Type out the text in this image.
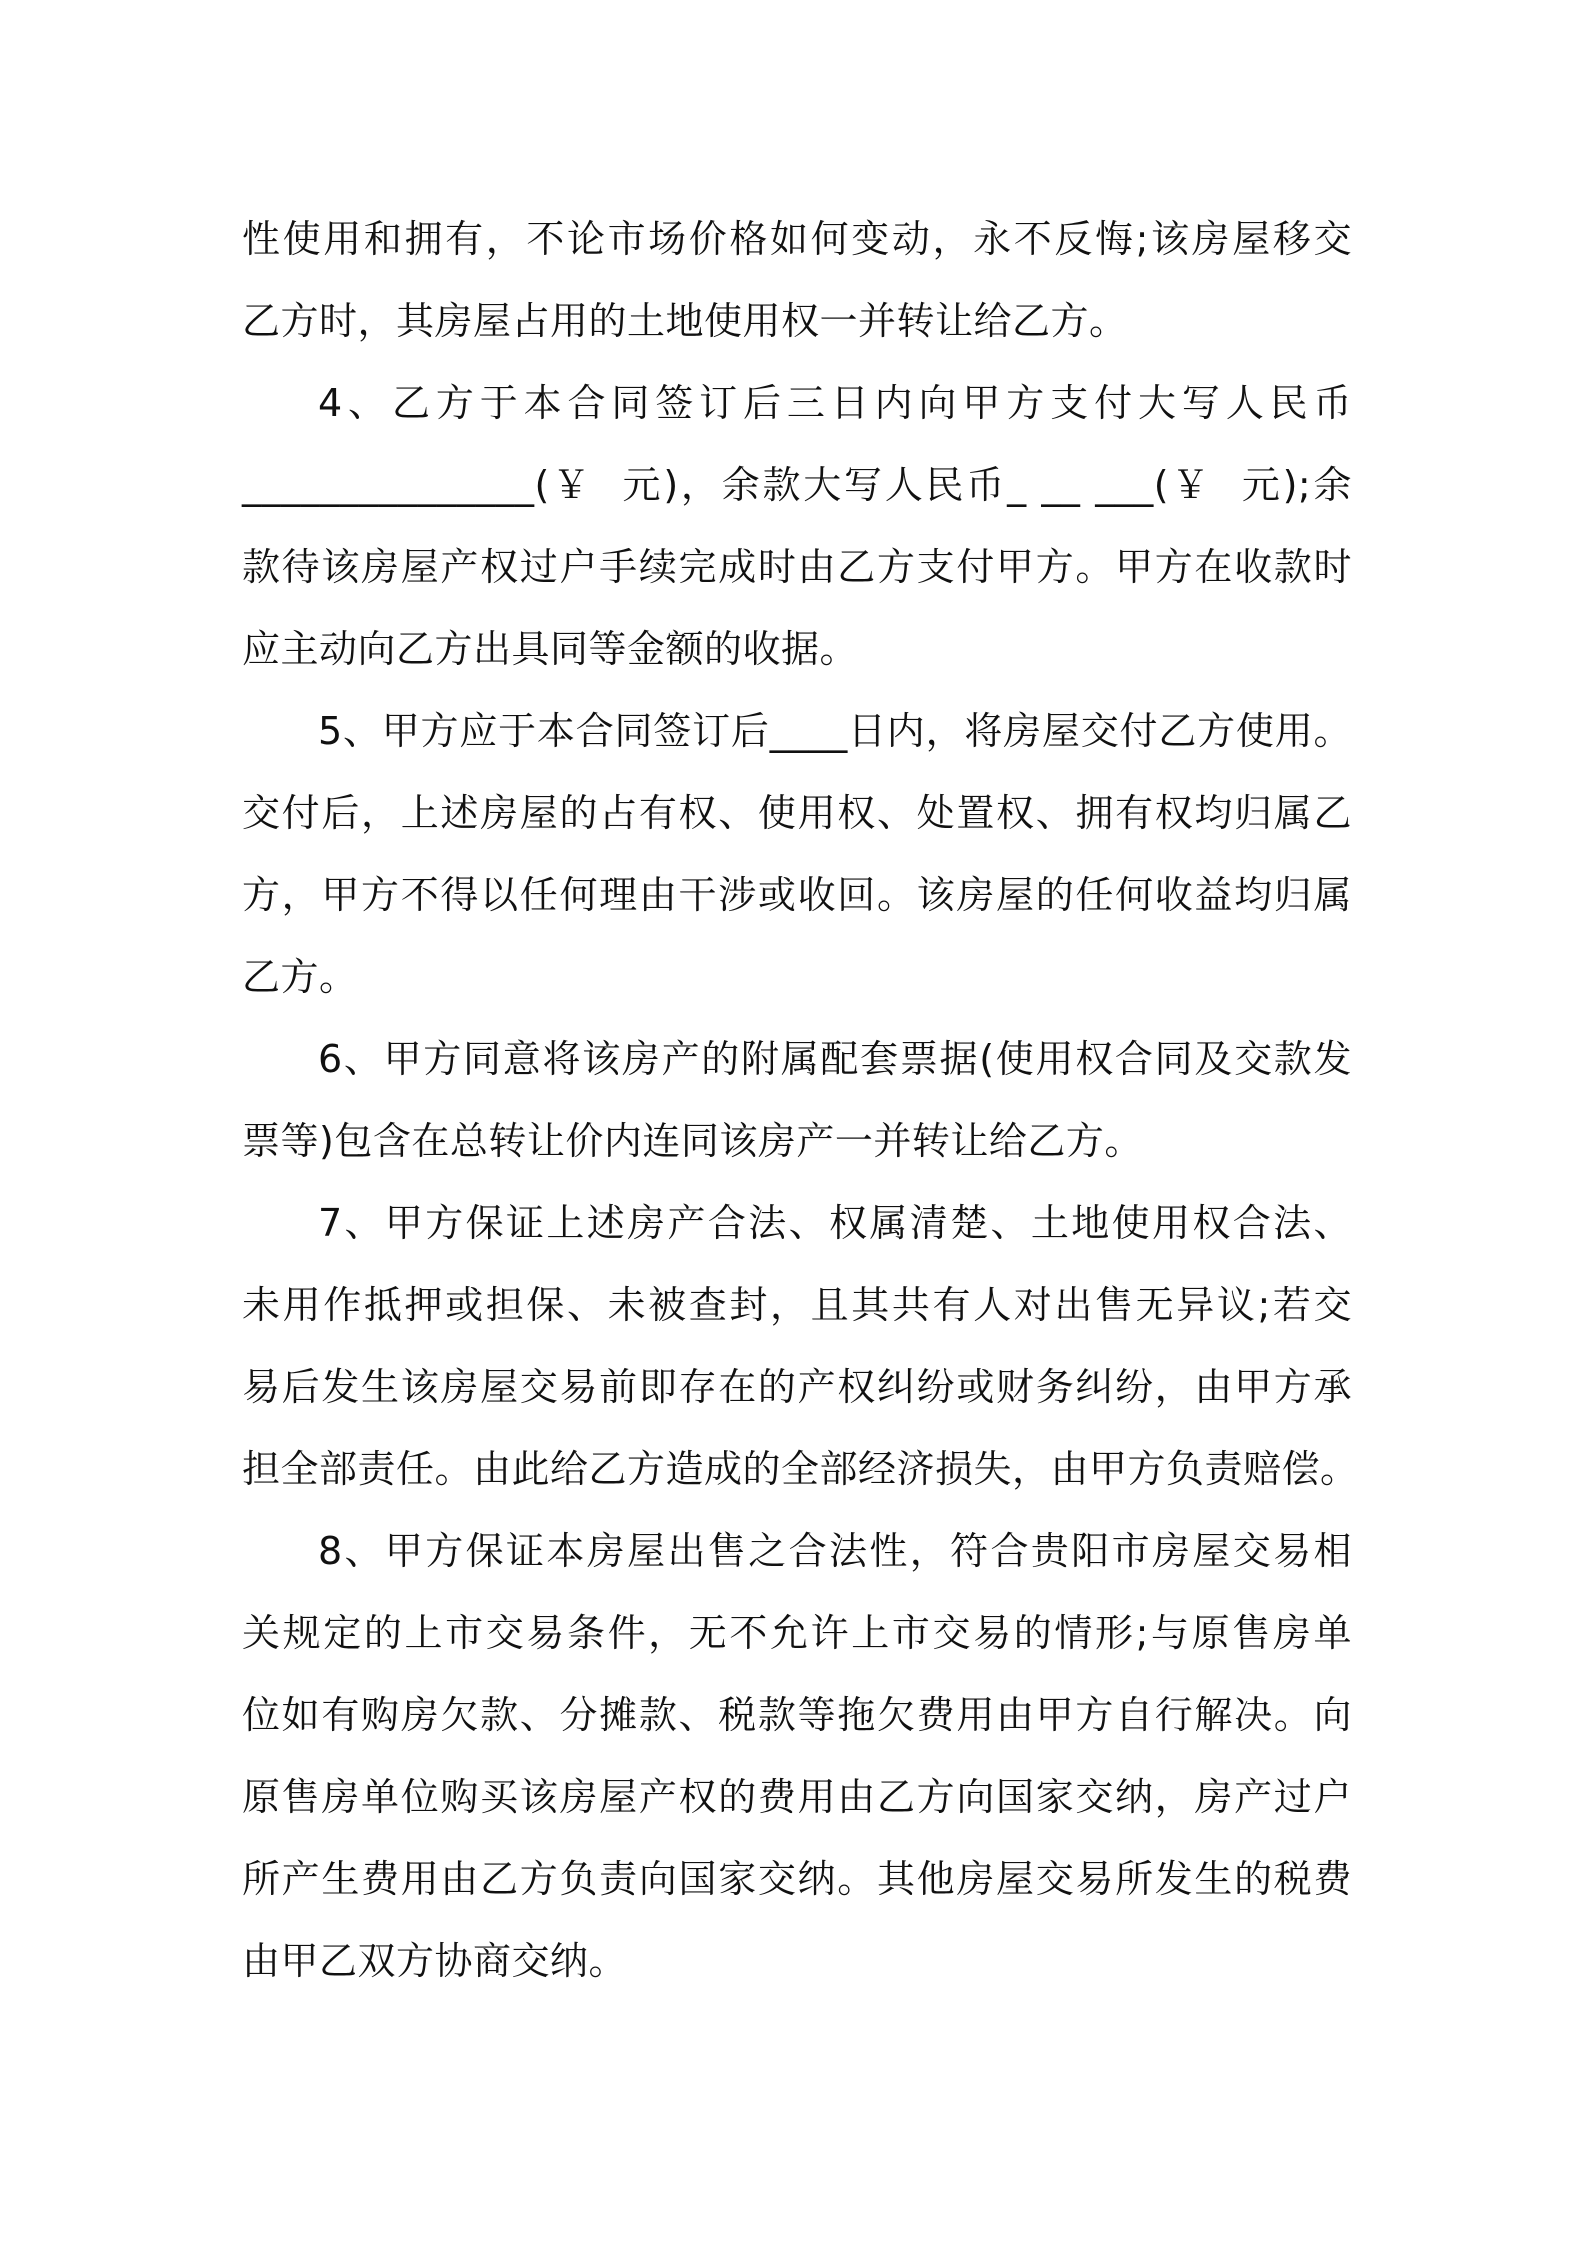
性使用和拥有，不论市场价格如何变动，永不反悔;该房屋移交
乙方时，其房屋占用的土地使用权一并转让给乙方。

4、乙方于本合同签订后三日内向甲方支付大写人民币
_______________(￥  元)，余款大写人民币_ __ ___(￥  元);余
款待该房屋产权过户手续完成时由乙方支付甲方。甲方在收款时
应主动向乙方出具同等金额的收据。

5、甲方应于本合同签订后____日内，将房屋交付乙方使用。
交付后，上述房屋的占有权、使用权、处置权、拥有权均归属乙
方，甲方不得以任何理由干涉或收回。该房屋的任何收益均归属
乙方。

6、甲方同意将该房产的附属配套票据(使用权合同及交款发
票等)包含在总转让价内连同该房产一并转让给乙方。

7、甲方保证上述房产合法、权属清楚、土地使用权合法、
未用作抵押或担保、未被查封，且其共有人对出售无异议;若交
易后发生该房屋交易前即存在的产权纠纷或财务纠纷，由甲方承
担全部责任。由此给乙方造成的全部经济损失，由甲方负责赔偿。

8、甲方保证本房屋出售之合法性，符合贵阳市房屋交易相
关规定的上市交易条件，无不允许上市交易的情形;与原售房单
位如有购房欠款、分摊款、税款等拖欠费用由甲方自行解决。向
原售房单位购买该房屋产权的费用由乙方向国家交纳，房产过户
所产生费用由乙方负责向国家交纳。其他房屋交易所发生的税费
由甲乙双方协商交纳。
